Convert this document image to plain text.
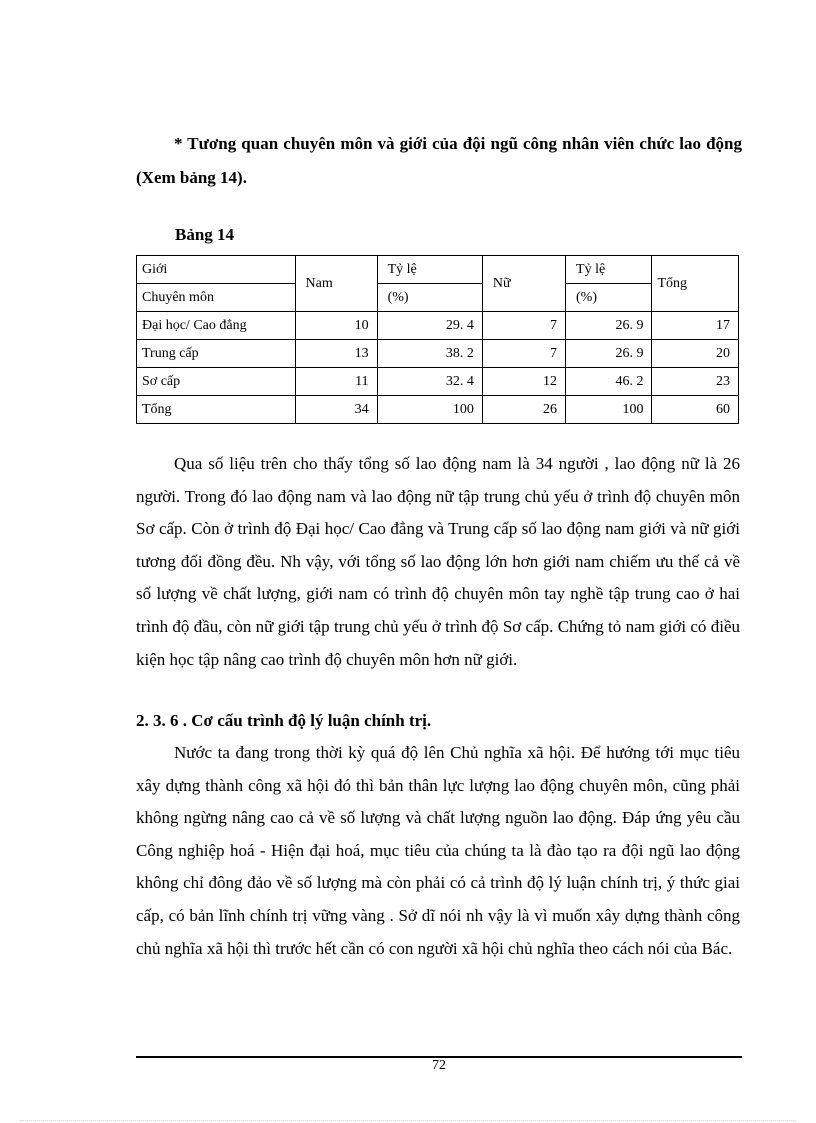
* Tương quan chuyên môn và giới của đội ngũ công nhân viên chức lao động (Xem bảng 14).
Bảng 14
Giới	Nam	Tỷ lệ	Nữ	Tỷ lệ	Tổng
Chuyên môn		(%)		(%)	
Đại học/ Cao đẳng	10	29. 4	7	26. 9	17
Trung cấp	13	38. 2	7	26. 9	20
Sơ cấp	11	32. 4	12	46. 2	23
Tổng	34	100	26	100	60
Qua số liệu trên cho thấy tổng số lao động nam là 34 người , lao động nữ là 26 người. Trong đó lao động nam và lao động nữ tập trung chủ yếu ở trình độ chuyên môn Sơ cấp. Còn ở trình độ Đại học/ Cao đẳng và Trung cấp số lao động nam giới và nữ giới tương đối đồng đều. Nh vậy, với tổng số lao động lớn hơn giới nam chiếm ưu thế cả về số lượng về chất lượng, giới nam có trình độ chuyên môn tay nghề tập trung cao ở hai trình độ đầu, còn nữ giới tập trung chủ yếu ở trình độ Sơ cấp. Chứng tỏ nam giới có điều kiện học tập nâng cao trình độ chuyên môn hơn nữ giới.
2. 3. 6 . Cơ cấu trình độ lý luận chính trị.
Nước ta đang trong thời kỳ quá độ lên Chủ nghĩa xã hội. Để hướng tới mục tiêu xây dựng thành công xã hội đó thì bản thân lực lượng lao động chuyên môn, cũng phải không ngừng nâng cao cả về số lượng và chất lượng nguồn lao động. Đáp ứng yêu cầu Công nghiệp hoá - Hiện đại hoá, mục tiêu của chúng ta là đào tạo ra đội ngũ lao động không chỉ đông đảo về số lượng mà còn phải có cả trình độ lý luận chính trị, ý thức giai cấp, có bản lĩnh chính trị vững vàng . Sở dĩ nói nh vậy là vì muốn xây dựng thành công chủ nghĩa xã hội thì trước hết cần có con người xã hội chủ nghĩa theo cách nói của Bác.
72
